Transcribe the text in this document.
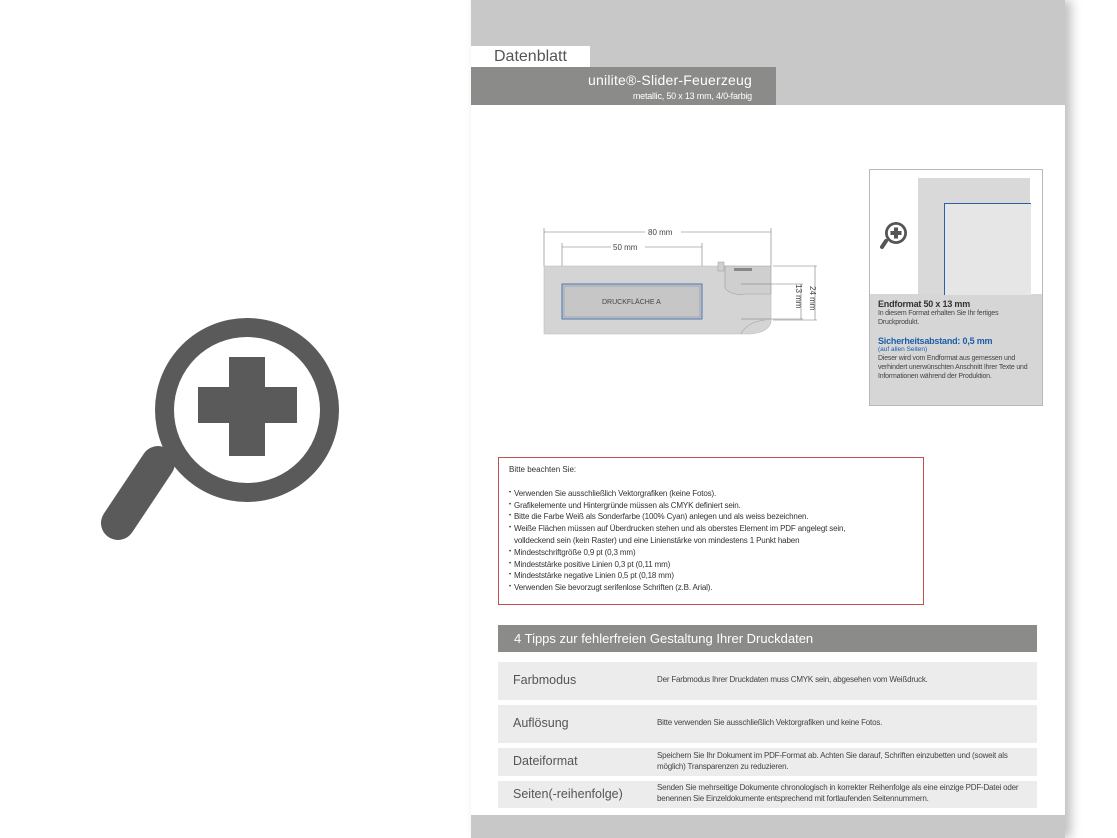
Datenblatt
unilite®-Slider-Feuerzeug
metallic, 50 x 13 mm, 4/0-farbig
80 mm
50 mm
DRUCKFLÄCHE A	13 mm 24 mm	Endformat 50 x 13 mm
In diesem Format erhalten Sie Ihr fertiges Druckprodukt.
Sicherheitsabstand: 0,5 mm
(auf allen Seiten)
Dieser wird vom Endformat aus gemessen und verhindert unerwünschten Anschnitt Ihrer Texte und Informationen während der Produktion.
Bitte beachten Sie:
• Verwenden Sie ausschließlich Vektorgrafiken (keine Fotos).
• Grafikelemente und Hintergründe müssen als CMYK definiert sein.
• Bitte die Farbe Weiß als Sonderfarbe (100% Cyan) anlegen und als weiss bezeichnen.
• Weiße Flächen müssen auf Überdrucken stehen und als oberstes Element im PDF angelegt sein,
volldeckend sein (kein Raster) und eine Linienstärke von mindestens 1 Punkt haben
• Mindestschriftgröße 0,9 pt (0,3 mm)
• Mindeststärke positive Linien 0,3 pt (0,11 mm)
• Mindeststärke negative Linien 0,5 pt (0,18 mm)
• Verwenden Sie bevorzugt serifenlose Schriften (z.B. Arial).
4 Tipps zur fehlerfreien Gestaltung Ihrer Druckdaten
Farbmodus	Der Farbmodus Ihrer Druckdaten muss CMYK sein, abgesehen vom Weißdruck.
Auflösung	Bitte verwenden Sie ausschließlich Vektorgrafiken und keine Fotos.
Dateiformat	Speichern Sie Ihr Dokument im PDF-Format ab. Achten Sie darauf, Schriften einzubetten und (soweit als möglich) Transparenzen zu reduzieren.
Seiten(-reihenfolge)	Senden Sie mehrseitige Dokumente chronologisch in korrekter Reihenfolge als eine einzige PDF-Datei oder benennen Sie Einzeldokumente entsprechend mit fortlaufenden Seitennummern.
